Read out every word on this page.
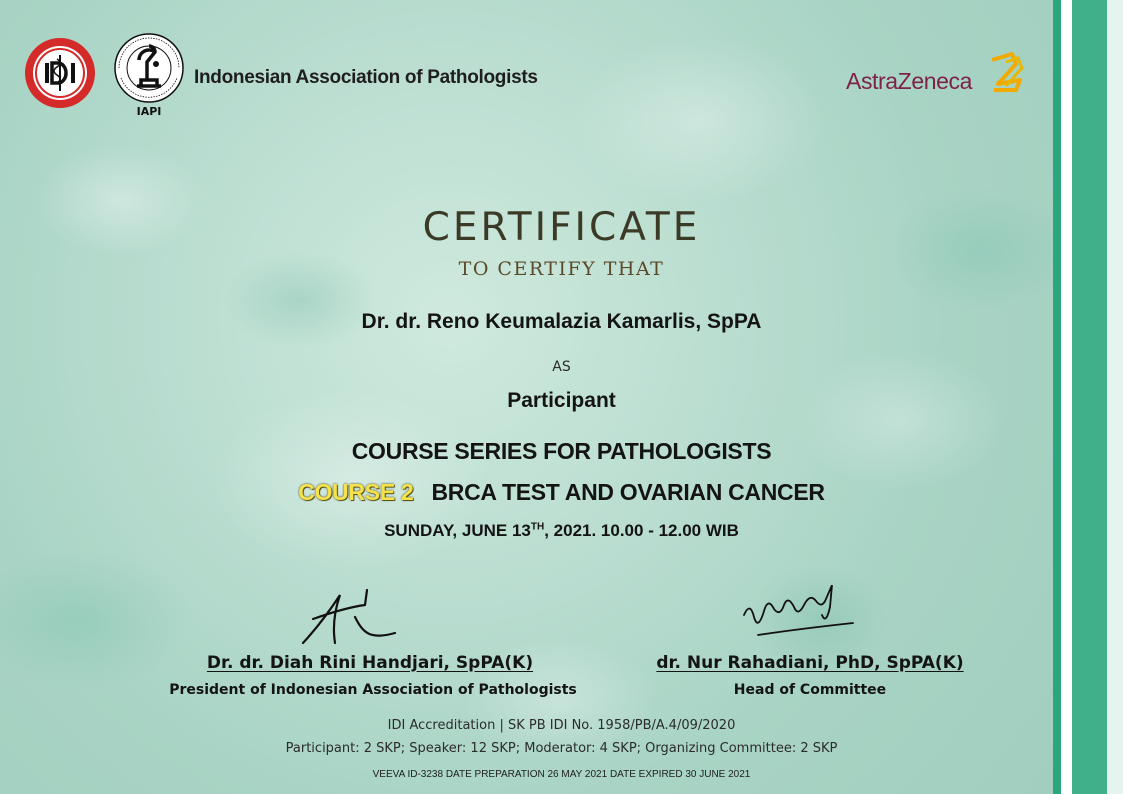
IAPI
Indonesian Association of Pathologists	AstraZeneca
CERTIFICATE
TO CERTIFY THAT
Dr. dr. Reno Keumalazia Kamarlis, SpPA
AS
Participant
COURSE SERIES FOR PATHOLOGISTS
COURSE 2 BRCA TEST AND OVARIAN CANCER
SUNDAY, JUNE 13TH, 2021. 10.00 - 12.00 WIB
Dr. dr. Diah Rini Handjari, SpPA(K)
President of Indonesian Association of Pathologists
dr. Nur Rahadiani, PhD, SpPA(K)
Head of Committee
IDI Accreditation | SK PB IDI No. 1958/PB/A.4/09/2020
Participant: 2 SKP; Speaker: 12 SKP; Moderator: 4 SKP; Organizing Committee: 2 SKP
VEEVA ID-3238 DATE PREPARATION 26 MAY 2021 DATE EXPIRED 30 JUNE 2021
